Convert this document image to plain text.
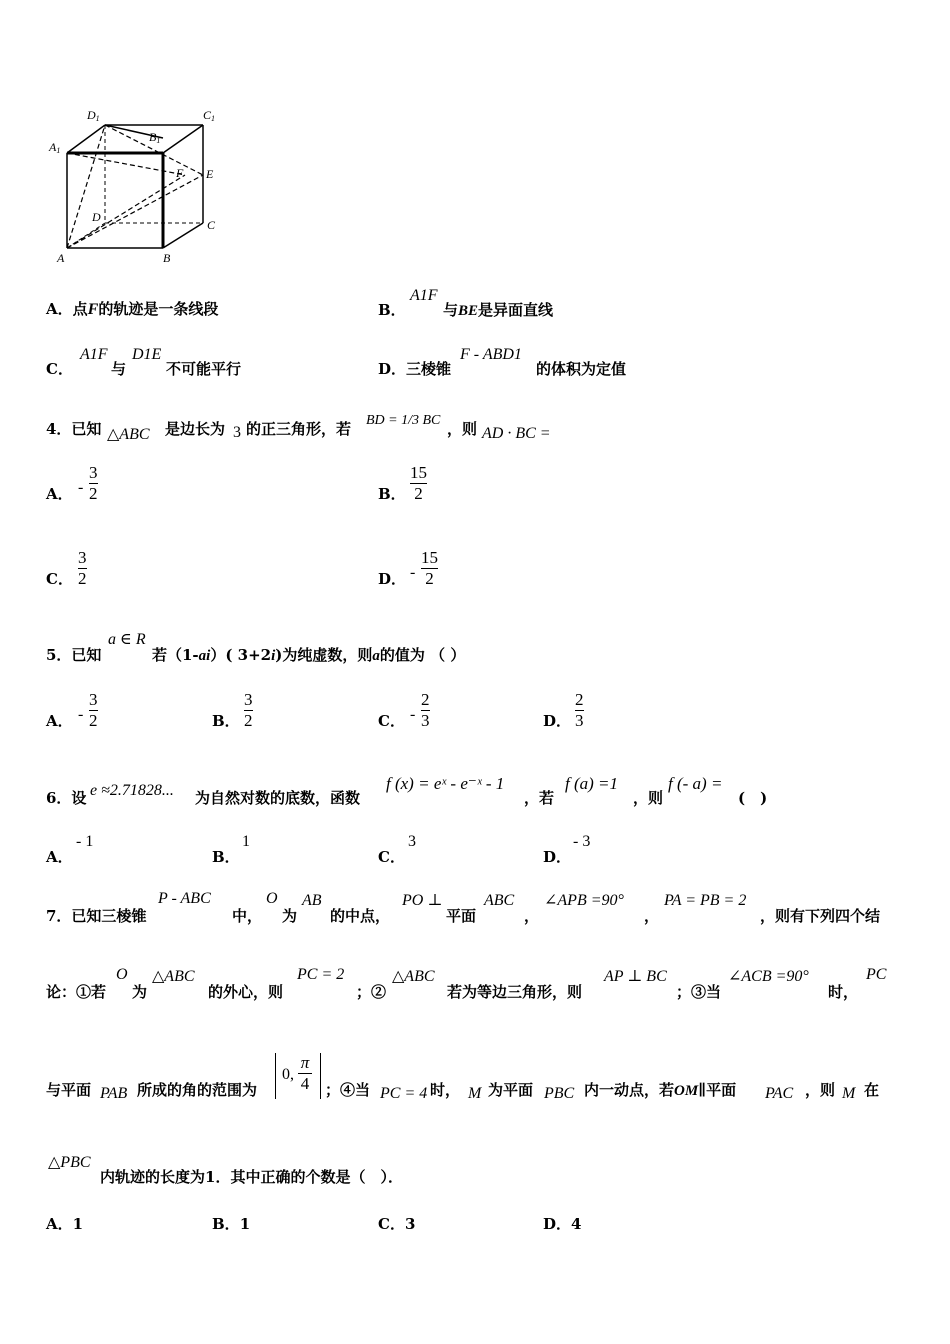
D1	C1
A1
B1
F E
D
C
A	B
A．点F的轨迹是一条线段	B．
A1F
与BE是异面直线
C．
A1F
与
D1E
不可能平行	D．三棱锥
F - ABD1
的体积为定值
4．已知 △ABC 是边长为 3 的正三角形，若 BD = 1/3 BC ，则 AD · BC =
A． -
3
2	B．
15
2
C．
3
2	D． -
15
2
5．已知
a ∈ R
若（1-ai）( 3+2i)为纯虚数，则a的值为 （ ）
A． -
3
2	B．
3
2	C． -
2
3	D．
2
3
6．设 e ≈2.71828... 为自然对数的底数，函数
f (x) = eˣ - e⁻ˣ - 1
，若
f (a) =1
，则
f (- a) =
(　)
A．
- 1
B．
1
C．
3
D．
- 3
7．已知三棱锥
P - ABC
中，
O
为
AB
的中点，
PO ⊥
平面
ABC
，
∠APB =90°
，
PA = PB = 2
，则有下列四个结
论：①若
O
为
△ABC
的外心，则
PC = 2
；②
△ABC
若为等边三角形，则
AP ⊥ BC
；③当
∠ACB =90°
时，
PC
与平面 PAB 所成的角的范围为
0,
π
4 ；④当 PC = 4 时， M 为平面 PBC 内一动点，若OM∥平面 PAC ，则 M 在
△PBC
内轨迹的长度为1．其中正确的个数是（　）．
A．1	B．1	C．3	D．4
